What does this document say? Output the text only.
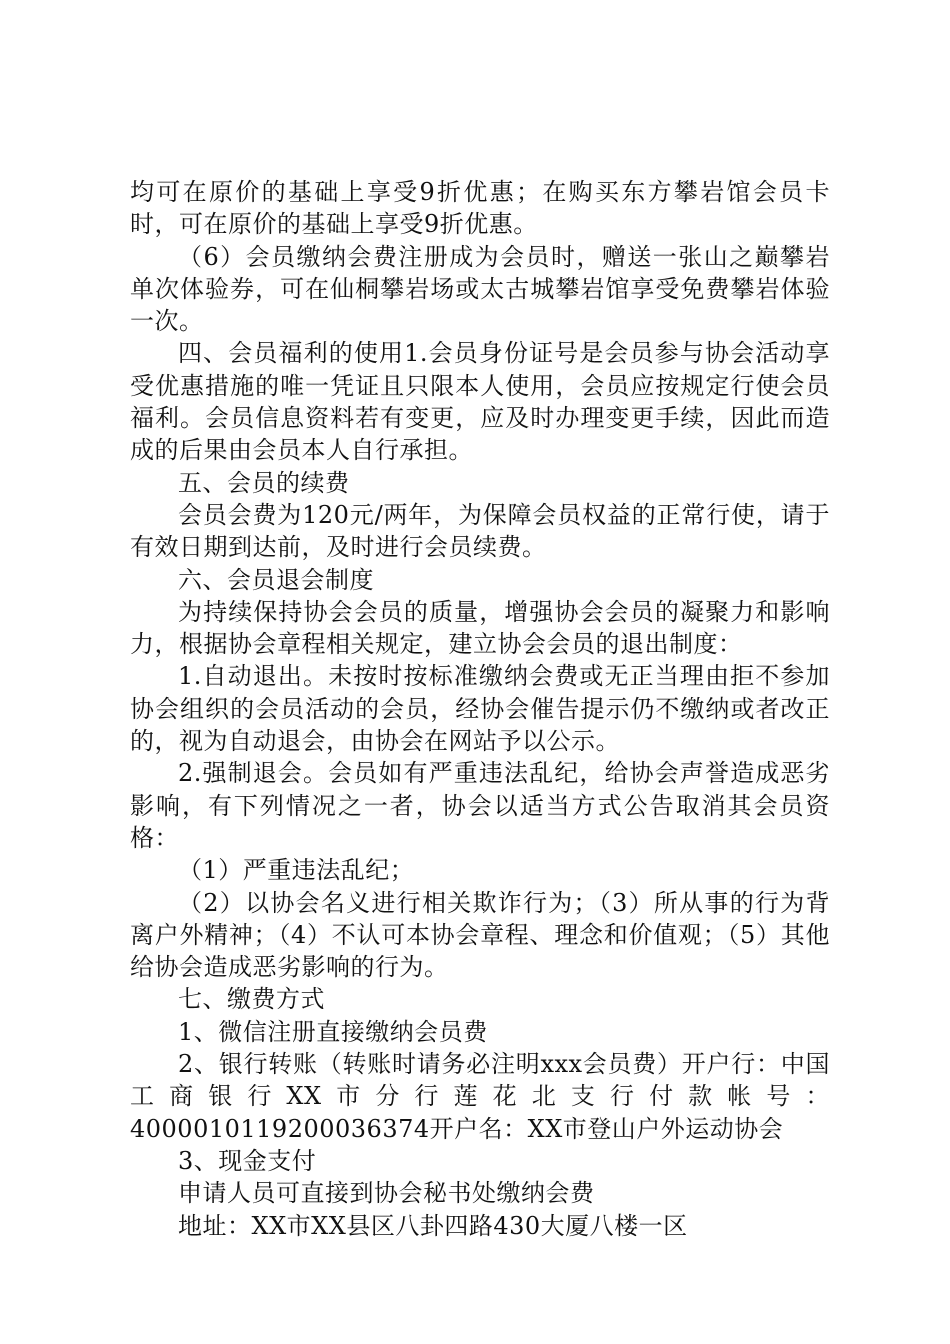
均可在原价的基础上享受9折优惠；在购买东方攀岩馆会员卡时，可在原价的基础上享受9折优惠。

（6）会员缴纳会费注册成为会员时，赠送一张山之巅攀岩单次体验券，可在仙桐攀岩场或太古城攀岩馆享受免费攀岩体验一次。

四、会员福利的使用1.会员身份证号是会员参与协会活动享受优惠措施的唯一凭证且只限本人使用，会员应按规定行使会员福利。会员信息资料若有变更，应及时办理变更手续，因此而造成的后果由会员本人自行承担。

五、会员的续费

会员会费为120元/两年，为保障会员权益的正常行使，请于有效日期到达前，及时进行会员续费。

六、会员退会制度

为持续保持协会会员的质量，增强协会会员的凝聚力和影响力，根据协会章程相关规定，建立协会会员的退出制度：

1.自动退出。未按时按标准缴纳会费或无正当理由拒不参加协会组织的会员活动的会员，经协会催告提示仍不缴纳或者改正的，视为自动退会，由协会在网站予以公示。

2.强制退会。会员如有严重违法乱纪，给协会声誉造成恶劣影响，有下列情况之一者，协会以适当方式公告取消其会员资格：

（1）严重违法乱纪；

（2）以协会名义进行相关欺诈行为；（3）所从事的行为背离户外精神；（4）不认可本协会章程、理念和价值观；（5）其他给协会造成恶劣影响的行为。

七、缴费方式

1、微信注册直接缴纳会员费

2、银行转账（转账时请务必注明xxx会员费）开户行：中国工商银行XX市分行莲花北支行付款帐号：4000010119200036374开户名：XX市登山户外运动协会

3、现金支付

申请人员可直接到协会秘书处缴纳会费

地址：XX市XX县区八卦四路430大厦八楼一区
